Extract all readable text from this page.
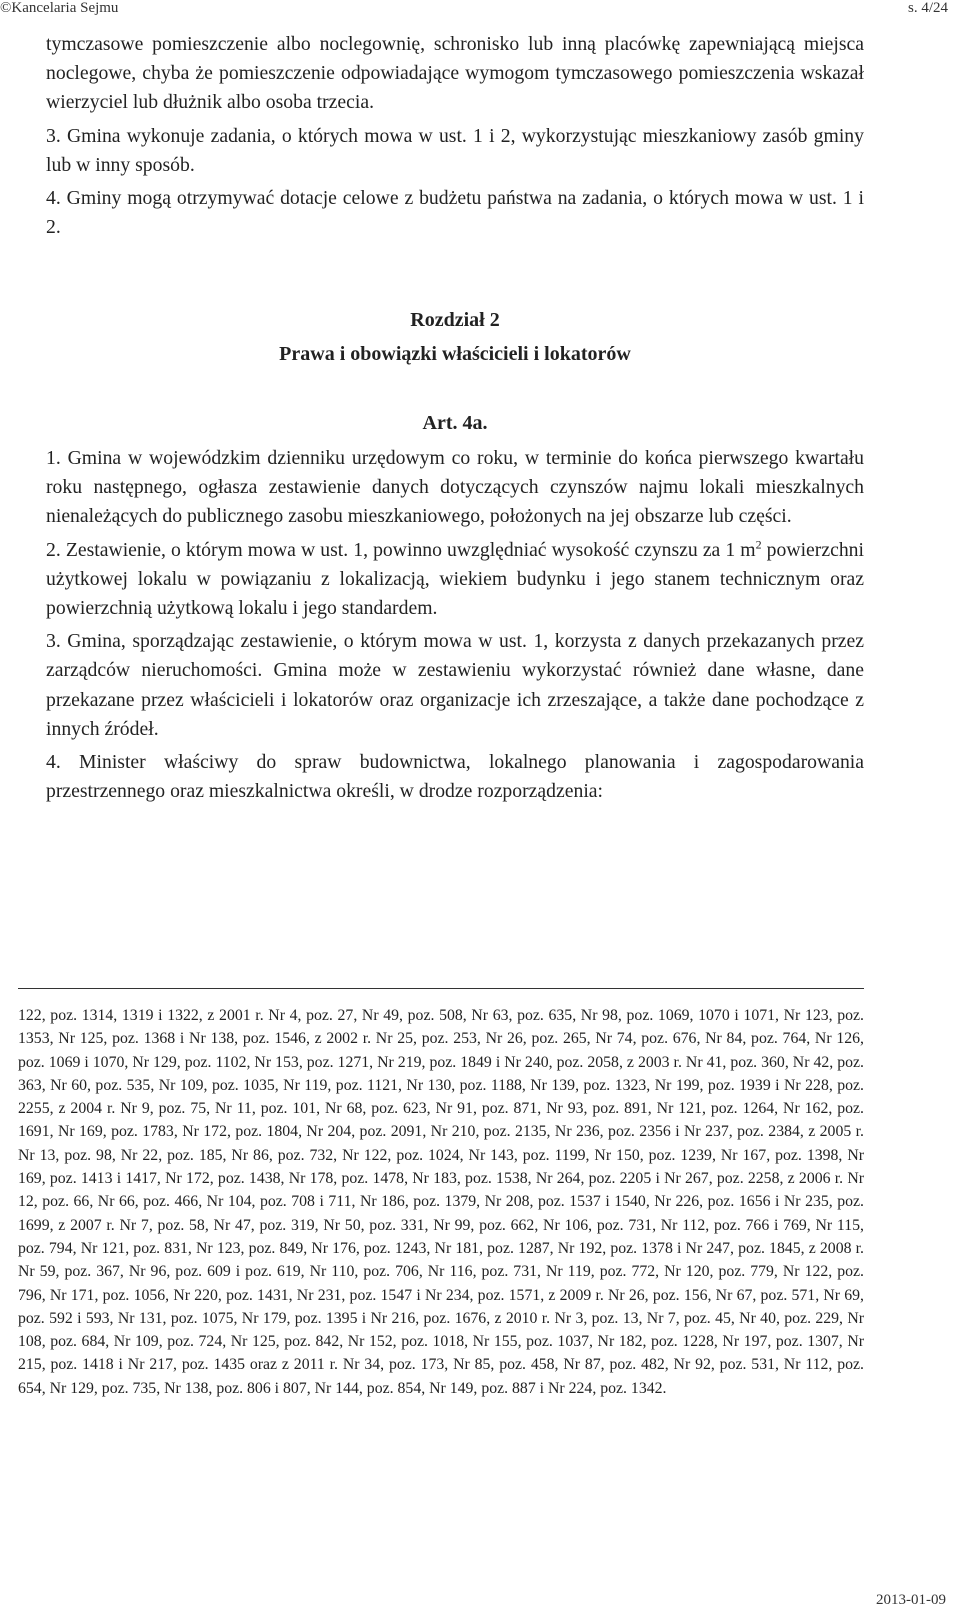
©Kancelaria Sejmu	s. 4/24

tymczasowe pomieszczenie albo noclegownię, schronisko lub inną placówkę zapewniającą miejsca noclegowe, chyba że pomieszczenie odpowiadające wymogom tymczasowego pomieszczenia wskazał wierzyciel lub dłużnik albo osoba trzecia.

3. Gmina wykonuje zadania, o których mowa w ust. 1 i 2, wykorzystując mieszkaniowy zasób gminy lub w inny sposób.

4. Gminy mogą otrzymywać dotacje celowe z budżetu państwa na zadania, o których mowa w ust. 1 i 2.

Rozdział 2
Prawa i obowiązki właścicieli i lokatorów
Art. 4a.

1. Gmina w wojewódzkim dzienniku urzędowym co roku, w terminie do końca pierwszego kwartału roku następnego, ogłasza zestawienie danych dotyczących czynszów najmu lokali mieszkalnych nienależących do publicznego zasobu mieszkaniowego, położonych na jej obszarze lub części.

2. Zestawienie, o którym mowa w ust. 1, powinno uwzględniać wysokość czynszu za 1 $m^2$ powierzchni użytkowej lokalu w powiązaniu z lokalizacją, wiekiem budynku i jego stanem technicznym oraz powierzchnią użytkową lokalu i jego standardem.

3. Gmina, sporządzając zestawienie, o którym mowa w ust. 1, korzysta z danych przekazanych przez zarządców nieruchomości. Gmina może w zestawieniu wykorzystać również dane własne, dane przekazane przez właścicieli i lokatorów oraz organizacje ich zrzeszające, a także dane pochodzące z innych źródeł.

4. Minister właściwy do spraw budownictwa, lokalnego planowania i zagospodarowania przestrzennego oraz mieszkalnictwa określi, w drodze rozporządzenia:

122, poz. 1314, 1319 i 1322, z 2001 r. Nr 4, poz. 27, Nr 49, poz. 508, Nr 63, poz. 635, Nr 98, poz. 1069, 1070 i 1071, Nr 123, poz. 1353, Nr 125, poz. 1368 i Nr 138, poz. 1546, z 2002 r. Nr 25, poz. 253, Nr 26, poz. 265, Nr 74, poz. 676, Nr 84, poz. 764, Nr 126, poz. 1069 i 1070, Nr 129, poz. 1102, Nr 153, poz. 1271, Nr 219, poz. 1849 i Nr 240, poz. 2058, z 2003 r. Nr 41, poz. 360, Nr 42, poz. 363, Nr 60, poz. 535, Nr 109, poz. 1035, Nr 119, poz. 1121, Nr 130, poz. 1188, Nr 139, poz. 1323, Nr 199, poz. 1939 i Nr 228, poz. 2255, z 2004 r. Nr 9, poz. 75, Nr 11, poz. 101, Nr 68, poz. 623, Nr 91, poz. 871, Nr 93, poz. 891, Nr 121, poz. 1264, Nr 162, poz. 1691, Nr 169, poz. 1783, Nr 172, poz. 1804, Nr 204, poz. 2091, Nr 210, poz. 2135, Nr 236, poz. 2356 i Nr 237, poz. 2384, z 2005 r. Nr 13, poz. 98, Nr 22, poz. 185, Nr 86, poz. 732, Nr 122, poz. 1024, Nr 143, poz. 1199, Nr 150, poz. 1239, Nr 167, poz. 1398, Nr 169, poz. 1413 i 1417, Nr 172, poz. 1438, Nr 178, poz. 1478, Nr 183, poz. 1538, Nr 264, poz. 2205 i Nr 267, poz. 2258, z 2006 r. Nr 12, poz. 66, Nr 66, poz. 466, Nr 104, poz. 708 i 711, Nr 186, poz. 1379, Nr 208, poz. 1537 i 1540, Nr 226, poz. 1656 i Nr 235, poz. 1699, z 2007 r. Nr 7, poz. 58, Nr 47, poz. 319, Nr 50, poz. 331, Nr 99, poz. 662, Nr 106, poz. 731, Nr 112, poz. 766 i 769, Nr 115, poz. 794, Nr 121, poz. 831, Nr 123, poz. 849, Nr 176, poz. 1243, Nr 181, poz. 1287, Nr 192, poz. 1378 i Nr 247, poz. 1845, z 2008 r. Nr 59, poz. 367, Nr 96, poz. 609 i poz. 619, Nr 110, poz. 706, Nr 116, poz. 731, Nr 119, poz. 772, Nr 120, poz. 779, Nr 122, poz. 796, Nr 171, poz. 1056, Nr 220, poz. 1431, Nr 231, poz. 1547 i Nr 234, poz. 1571, z 2009 r. Nr 26, poz. 156, Nr 67, poz. 571, Nr 69, poz. 592 i 593, Nr 131, poz. 1075, Nr 179, poz. 1395 i Nr 216, poz. 1676, z 2010 r. Nr 3, poz. 13, Nr 7, poz. 45, Nr 40, poz. 229, Nr 108, poz. 684, Nr 109, poz. 724, Nr 125, poz. 842, Nr 152, poz. 1018, Nr 155, poz. 1037, Nr 182, poz. 1228, Nr 197, poz. 1307, Nr 215, poz. 1418 i Nr 217, poz. 1435 oraz z 2011 r. Nr 34, poz. 173, Nr 85, poz. 458, Nr 87, poz. 482, Nr 92, poz. 531, Nr 112, poz. 654, Nr 129, poz. 735, Nr 138, poz. 806 i 807, Nr 144, poz. 854, Nr 149, poz. 887 i Nr 224, poz. 1342.
2013-01-09
